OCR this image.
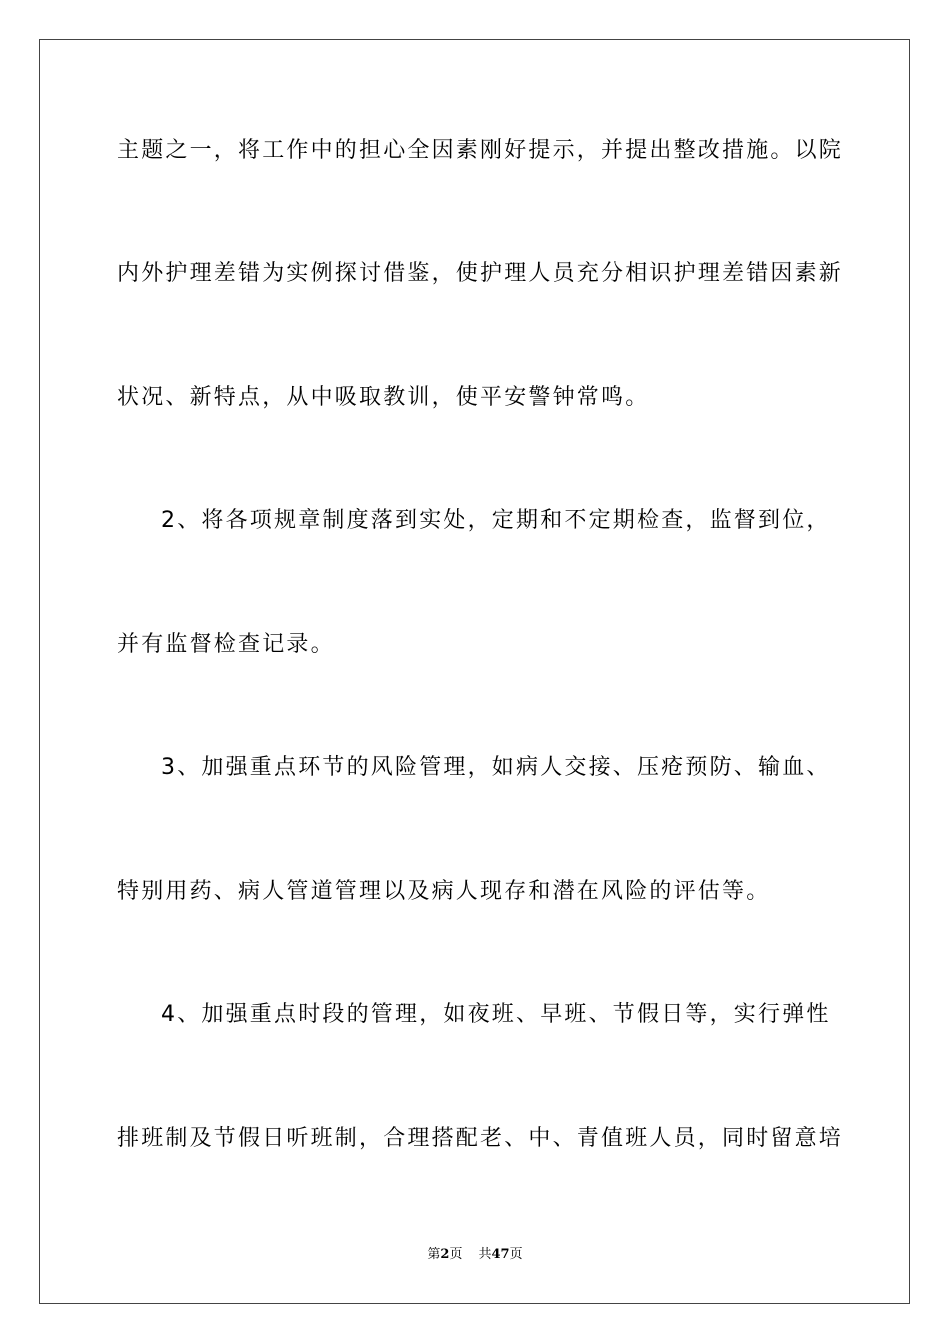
主题之一，将工作中的担心全因素刚好提示，并提出整改措施。以院
内外护理差错为实例探讨借鉴，使护理人员充分相识护理差错因素新
状况、新特点，从中吸取教训，使平安警钟常鸣。
2、将各项规章制度落到实处，定期和不定期检查，监督到位，
并有监督检查记录。
3、加强重点环节的风险管理，如病人交接、压疮预防、输血、
特别用药、病人管道管理以及病人现存和潜在风险的评估等。
4、加强重点时段的管理，如夜班、早班、节假日等，实行弹性
排班制及节假日听班制，合理搭配老、中、青值班人员，同时留意培
第2页 共47页
